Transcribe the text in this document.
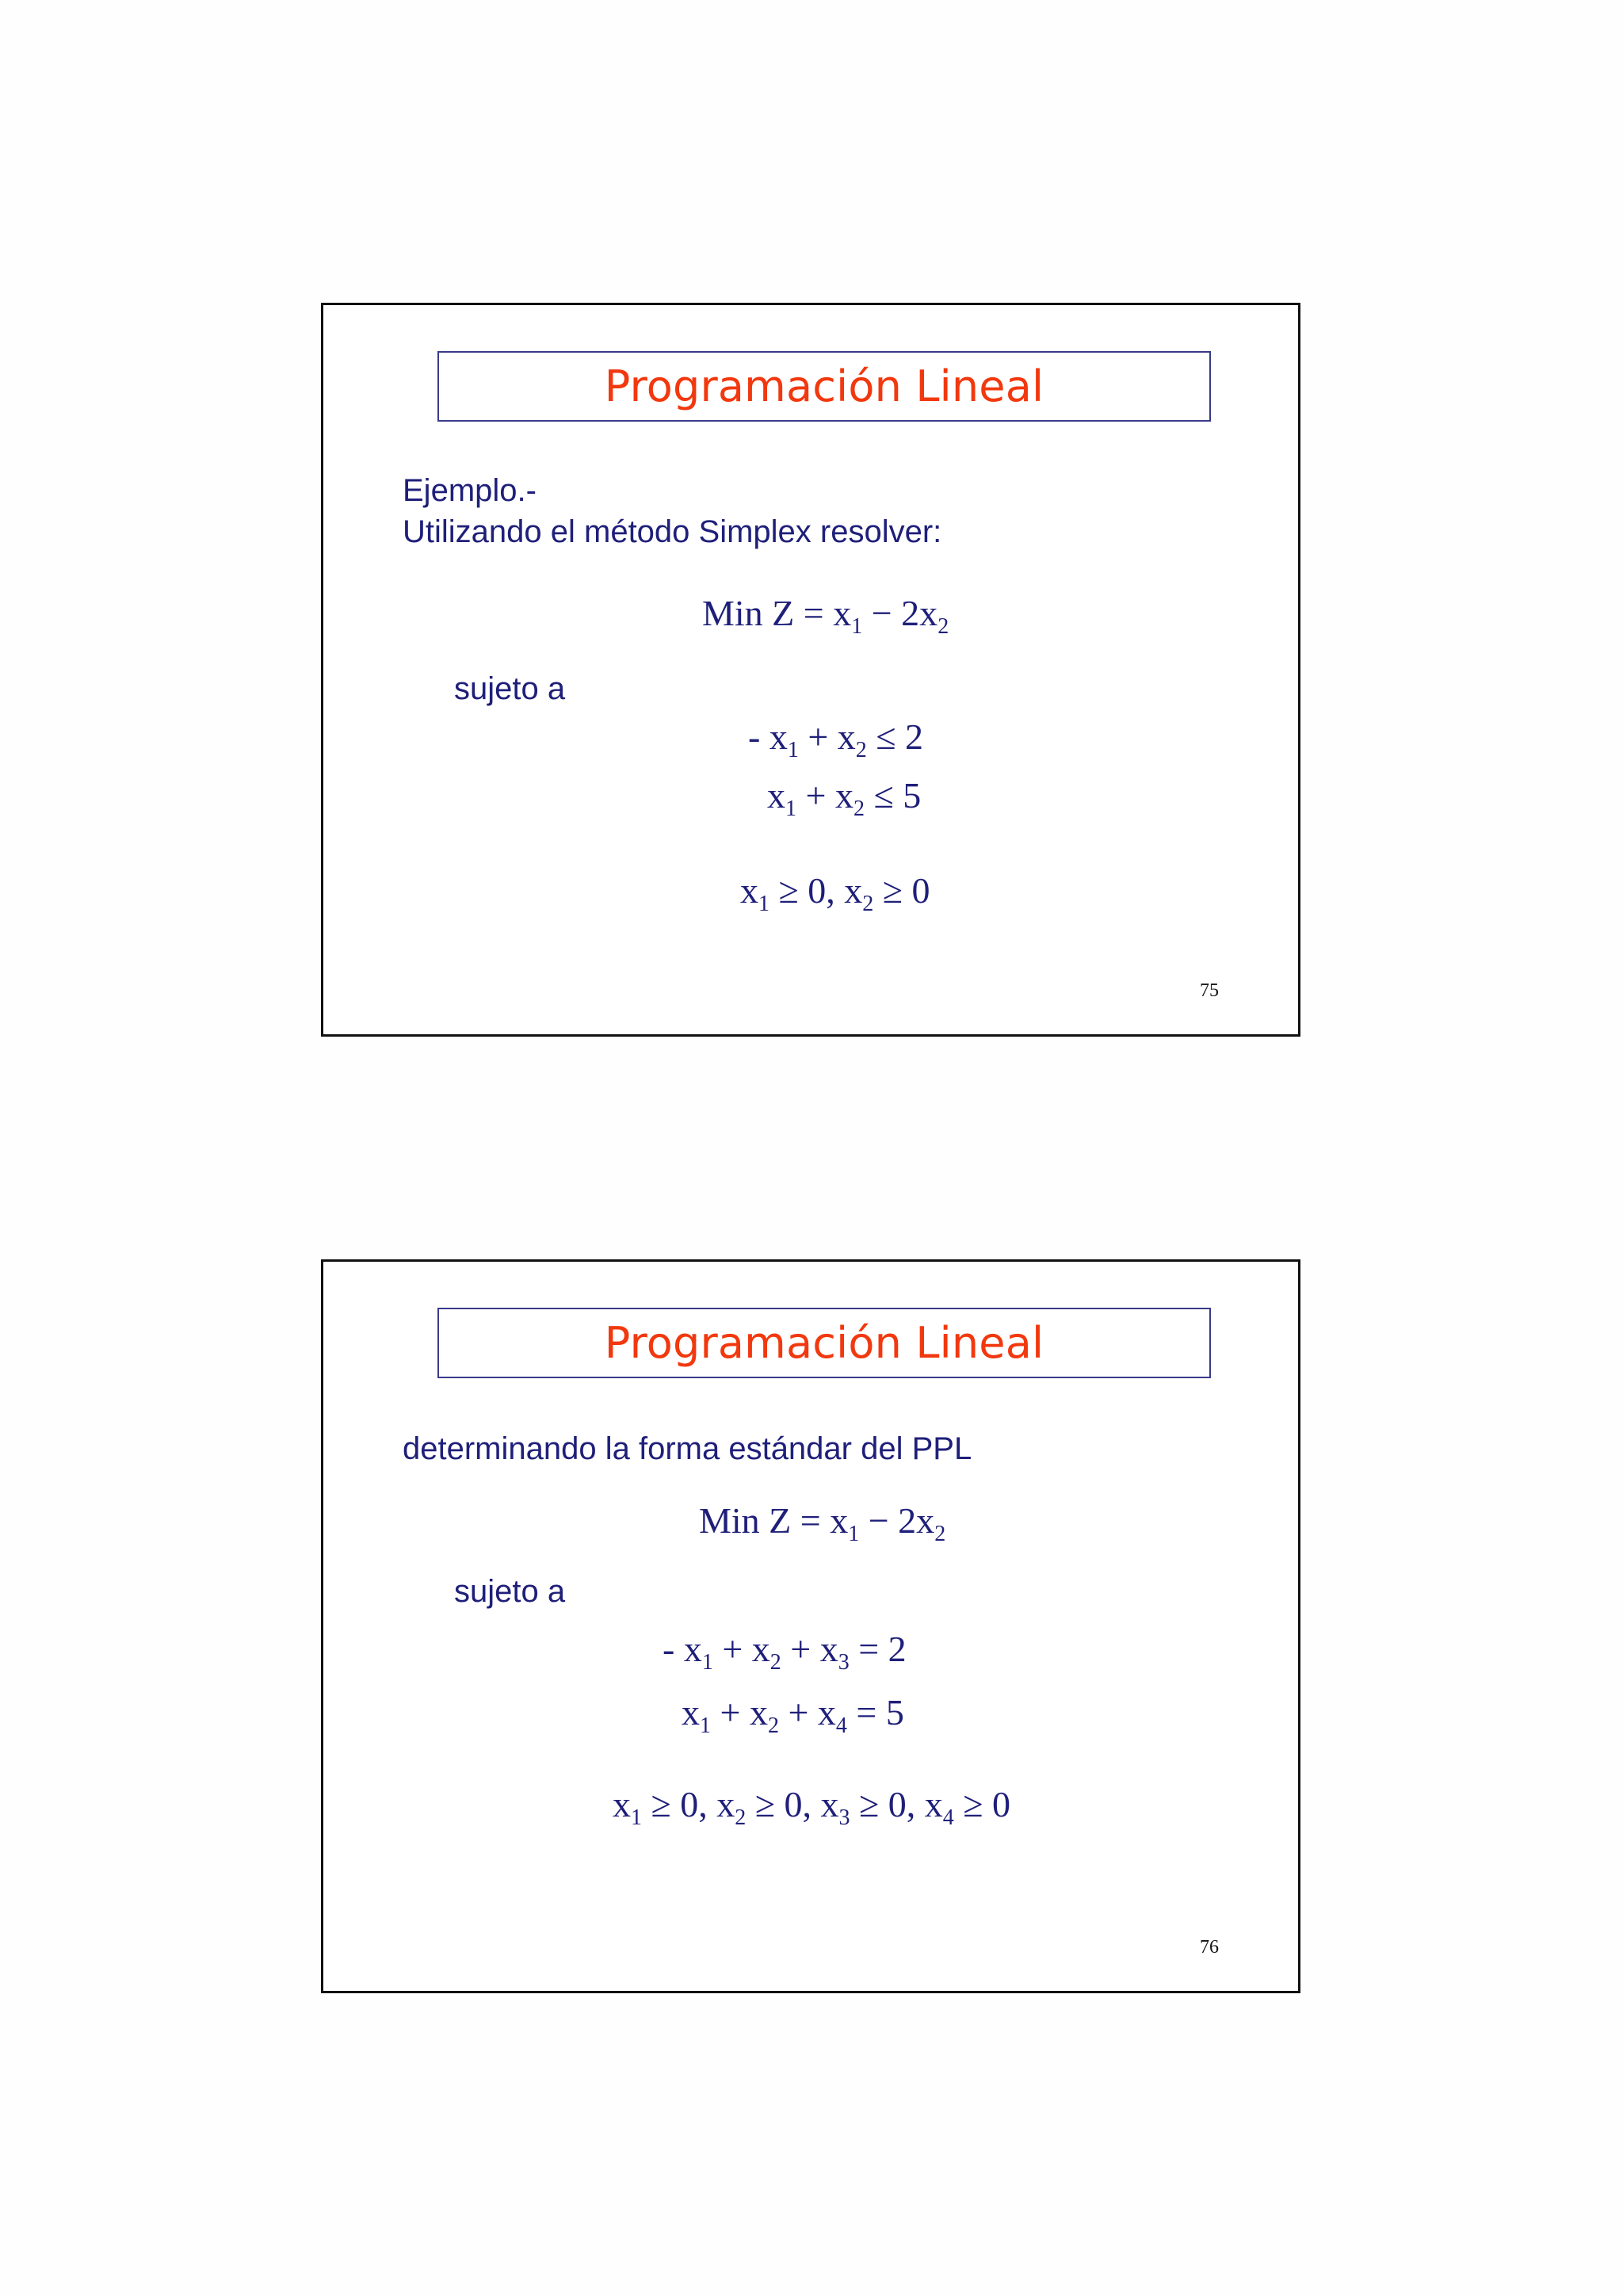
Programación Lineal
Ejemplo.-
Utilizando el método Simplex resolver:
Min $Z = x_1 - 2x_2$
sujeto a
- $x_1 + x_2 \le 2$
$x_1 + x_2 \le 5$
$x_1 \ge 0$, $x_2 \ge 0$
75
Programación Lineal
determinando la forma estándar del PPL
Min $Z = x_1 - 2x_2$
sujeto a
- $x_1 + x_2 + x_3 = 2$
$x_1 + x_2 + x_4 = 5$
$x_1 \ge 0$, $x_2 \ge 0$, $x_3 \ge 0$, $x_4 \ge 0$
76
